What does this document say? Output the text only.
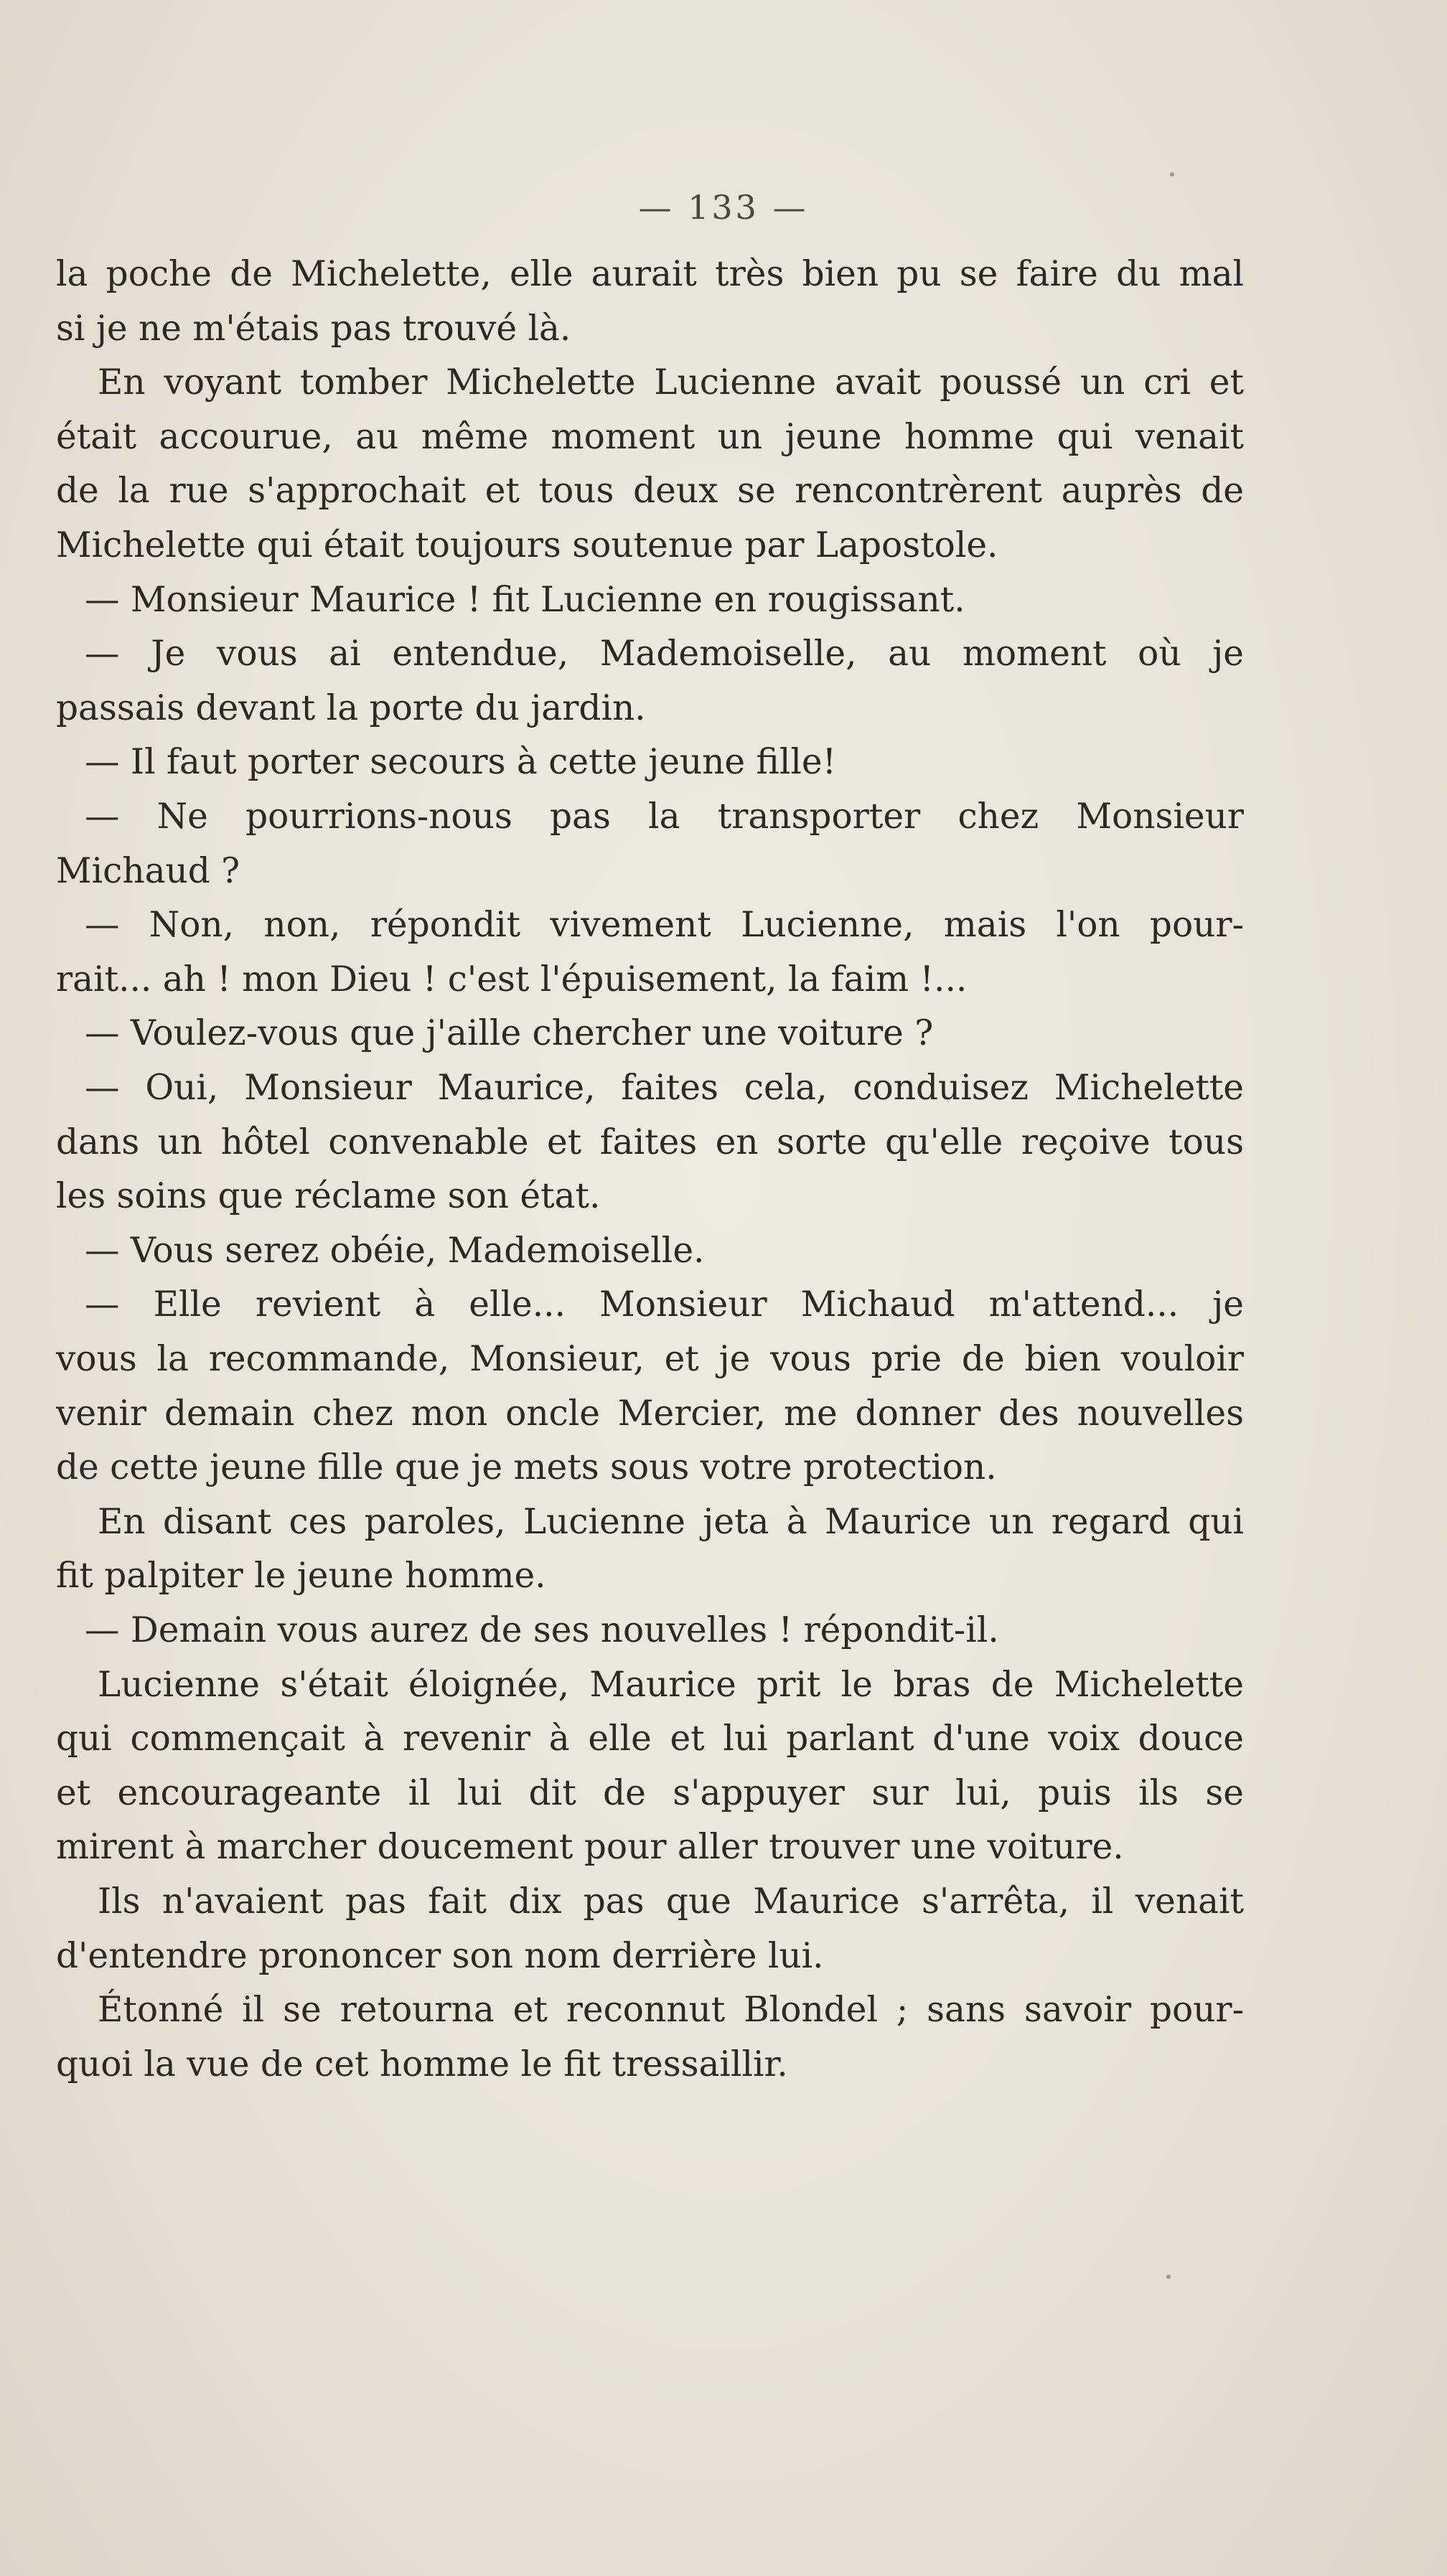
— 133 —
la poche de Michelette, elle aurait très bien pu se faire du mal
si je ne m'étais pas trouvé là.
En voyant tomber Michelette Lucienne avait poussé un cri et
était accourue, au même moment un jeune homme qui venait
de la rue s'approchait et tous deux se rencontrèrent auprès de
Michelette qui était toujours soutenue par Lapostole.
— Monsieur Maurice ! fit Lucienne en rougissant.
— Je vous ai entendue, Mademoiselle, au moment où je
passais devant la porte du jardin.
— Il faut porter secours à cette jeune fille!
— Ne pourrions-nous pas la transporter chez Monsieur
Michaud ?
— Non, non, répondit vivement Lucienne, mais l'on pour-
rait... ah ! mon Dieu ! c'est l'épuisement, la faim !...
— Voulez-vous que j'aille chercher une voiture ?
— Oui, Monsieur Maurice, faites cela, conduisez Michelette
dans un hôtel convenable et faites en sorte qu'elle reçoive tous
les soins que réclame son état.
— Vous serez obéie, Mademoiselle.
— Elle revient à elle... Monsieur Michaud m'attend... je
vous la recommande, Monsieur, et je vous prie de bien vouloir
venir demain chez mon oncle Mercier, me donner des nouvelles
de cette jeune fille que je mets sous votre protection.
En disant ces paroles, Lucienne jeta à Maurice un regard qui
fit palpiter le jeune homme.
— Demain vous aurez de ses nouvelles ! répondit-il.
Lucienne s'était éloignée, Maurice prit le bras de Michelette
qui commençait à revenir à elle et lui parlant d'une voix douce
et encourageante il lui dit de s'appuyer sur lui, puis ils se
mirent à marcher doucement pour aller trouver une voiture.
Ils n'avaient pas fait dix pas que Maurice s'arrêta, il venait
d'entendre prononcer son nom derrière lui.
Étonné il se retourna et reconnut Blondel ; sans savoir pour-
quoi la vue de cet homme le fit tressaillir.
